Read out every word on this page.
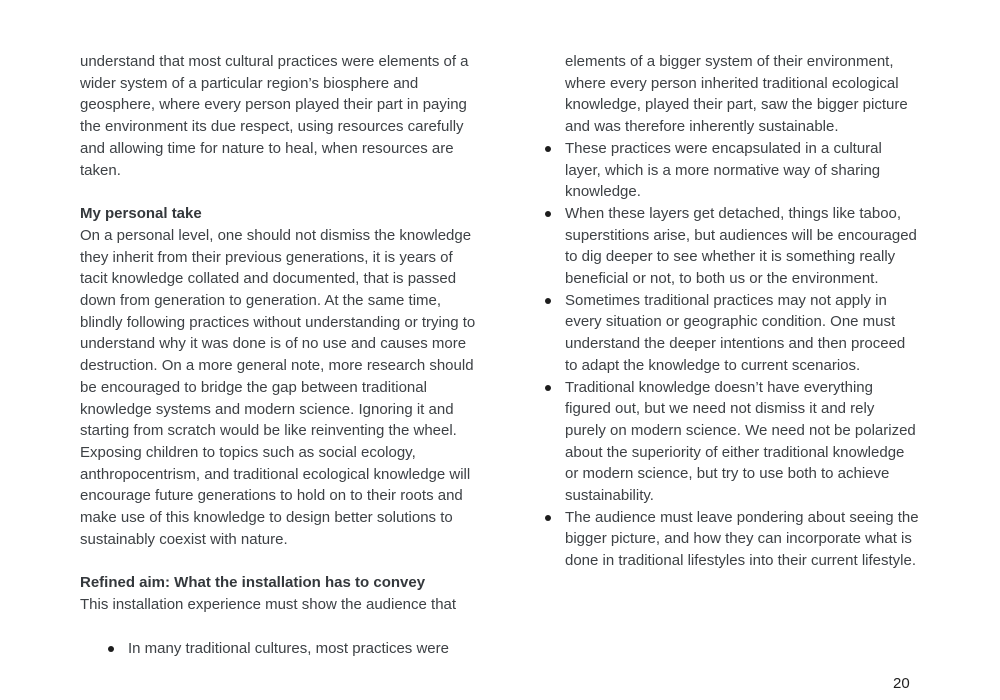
understand that most cultural practices were elements of a wider system of a particular region’s biosphere and geosphere, where every person played their part in paying the environment its due respect, using resources carefully and allowing time for nature to heal, when resources are taken.

My personal take

On a personal level, one should not dismiss the knowledge they inherit from their previous generations, it is years of tacit knowledge collated and documented, that is passed down from generation to generation. At the same time, blindly following practices without understanding or trying to understand why it was done is of no use and causes more destruction. On a more general note, more research should be encouraged to bridge the gap between traditional knowledge systems and modern science. Ignoring it and starting from scratch would be like reinventing the wheel. Exposing children to topics such as social ecology, anthropocentrism, and traditional ecological knowledge will encourage future generations to hold on to their roots and make use of this knowledge to design better solutions to sustainably coexist with nature.

Refined aim: What the installation has to convey

This installation experience must show the audience that

In many traditional cultures, most practices were

elements of a bigger system of their environment, where every person inherited traditional ecological knowledge, played their part, saw the bigger picture and was therefore inherently sustainable.

These practices were encapsulated in a cultural layer, which is a more normative way of sharing knowledge.
When these layers get detached, things like taboo, superstitions arise, but audiences will be encouraged to dig deeper to see whether it is something really beneficial or not, to both us or the environment.
Sometimes traditional practices may not apply in every situation or geographic condition. One must understand the deeper intentions and then proceed to adapt the knowledge to current scenarios.
Traditional knowledge doesn’t have everything figured out, but we need not dismiss it and rely purely on modern science. We need not be polarized about the superiority of either traditional knowledge or modern science, but try to use both to achieve sustainability.
The audience must leave pondering about seeing the bigger picture, and how they can incorporate what is done in traditional lifestyles into their current lifestyle.
20
